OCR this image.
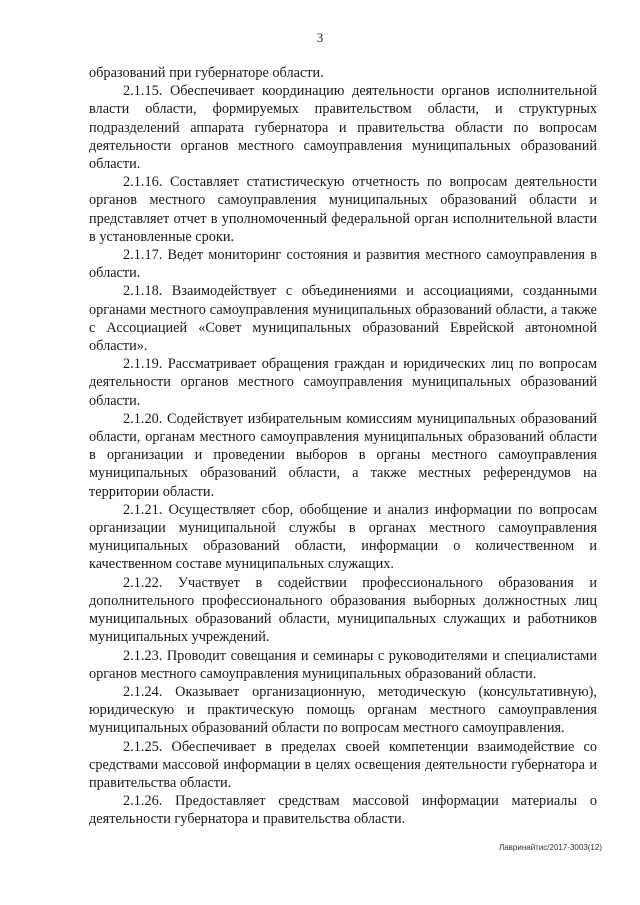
3

образований при губернаторе области.

2.1.15. Обеспечивает координацию деятельности органов исполнительной власти области, формируемых правительством области, и структурных подразделений аппарата губернатора и правительства области по вопросам деятельности органов местного самоуправления муниципальных образований области.

2.1.16. Составляет статистическую отчетность по вопросам деятельности органов местного самоуправления муниципальных образований области и представляет отчет в уполномоченный федеральной орган исполнительной власти в установленные сроки.

2.1.17. Ведет мониторинг состояния и развития местного самоуправления в области.

2.1.18. Взаимодействует с объединениями и ассоциациями, созданными органами местного самоуправления муниципальных образований области, а также с Ассоциацией «Совет муниципальных образований Еврейской автономной области».

2.1.19. Рассматривает обращения граждан и юридических лиц по вопросам деятельности органов местного самоуправления муниципальных образований области.

2.1.20. Содействует избирательным комиссиям муниципальных образований области, органам местного самоуправления муниципальных образований области в организации и проведении выборов в органы местного самоуправления муниципальных образований области, а также местных референдумов на территории области.

2.1.21. Осуществляет сбор, обобщение и анализ информации по вопросам организации муниципальной службы в органах местного самоуправления муниципальных образований области, информации о количественном и качественном составе муниципальных служащих.

2.1.22. Участвует в содействии профессионального образования и дополнительного профессионального образования выборных должностных лиц муниципальных образований области, муниципальных служащих и работников муниципальных учреждений.

2.1.23. Проводит совещания и семинары с руководителями и специалистами органов местного самоуправления муниципальных образований области.

2.1.24. Оказывает организационную, методическую (консультативную), юридическую и практическую помощь органам местного самоуправления муниципальных образований области по вопросам местного самоуправления.

2.1.25. Обеспечивает в пределах своей компетенции взаимодействие со средствами массовой информации в целях освещения деятельности губернатора и правительства области.

2.1.26. Предоставляет средствам массовой информации материалы о деятельности губернатора и правительства области.

Лавринайтис/2017-3003(12)
